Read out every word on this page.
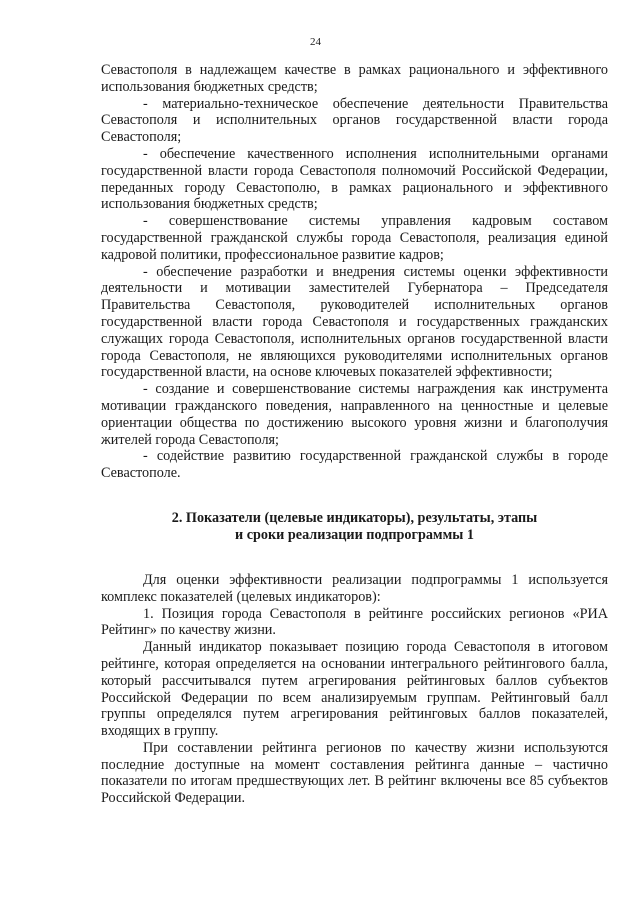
24

Севастополя в надлежащем качестве в рамках рационального и эффективного использования бюджетных средств;

- материально-техническое обеспечение деятельности Правительства Севастополя и исполнительных органов государственной власти города Севастополя;

- обеспечение качественного исполнения исполнительными органами государственной власти города Севастополя полномочий Российской Федерации, переданных городу Севастополю, в рамках рационального и эффективного использования бюджетных средств;

- совершенствование системы управления кадровым составом государственной гражданской службы города Севастополя, реализация единой кадровой политики, профессиональное развитие кадров;

- обеспечение разработки и внедрения системы оценки эффективности деятельности и мотивации заместителей Губернатора – Председателя Правительства Севастополя, руководителей исполнительных органов государственной власти города Севастополя и государственных гражданских служащих города Севастополя, исполнительных органов государственной власти города Севастополя, не являющихся руководителями исполнительных органов государственной власти, на основе ключевых показателей эффективности;

- создание и совершенствование системы награждения как инструмента мотивации гражданского поведения, направленного на ценностные и целевые ориентации общества по достижению высокого уровня жизни и благополучия жителей города Севастополя;

- содействие развитию государственной гражданской службы в городе Севастополе.

2. Показатели (целевые индикаторы), результаты, этапы
и сроки реализации подпрограммы 1

Для оценки эффективности реализации подпрограммы 1 используется комплекс показателей (целевых индикаторов):

1. Позиция города Севастополя в рейтинге российских регионов «РИА Рейтинг» по качеству жизни.

Данный индикатор показывает позицию города Севастополя в итоговом рейтинге, которая определяется на основании интегрального рейтингового балла, который рассчитывался путем агрегирования рейтинговых баллов субъектов Российской Федерации по всем анализируемым группам. Рейтинговый балл группы определялся путем агрегирования рейтинговых баллов показателей, входящих в группу.

При составлении рейтинга регионов по качеству жизни используются последние доступные на момент составления рейтинга данные – частично показатели по итогам предшествующих лет. В рейтинг включены все 85 субъектов Российской Федерации.
